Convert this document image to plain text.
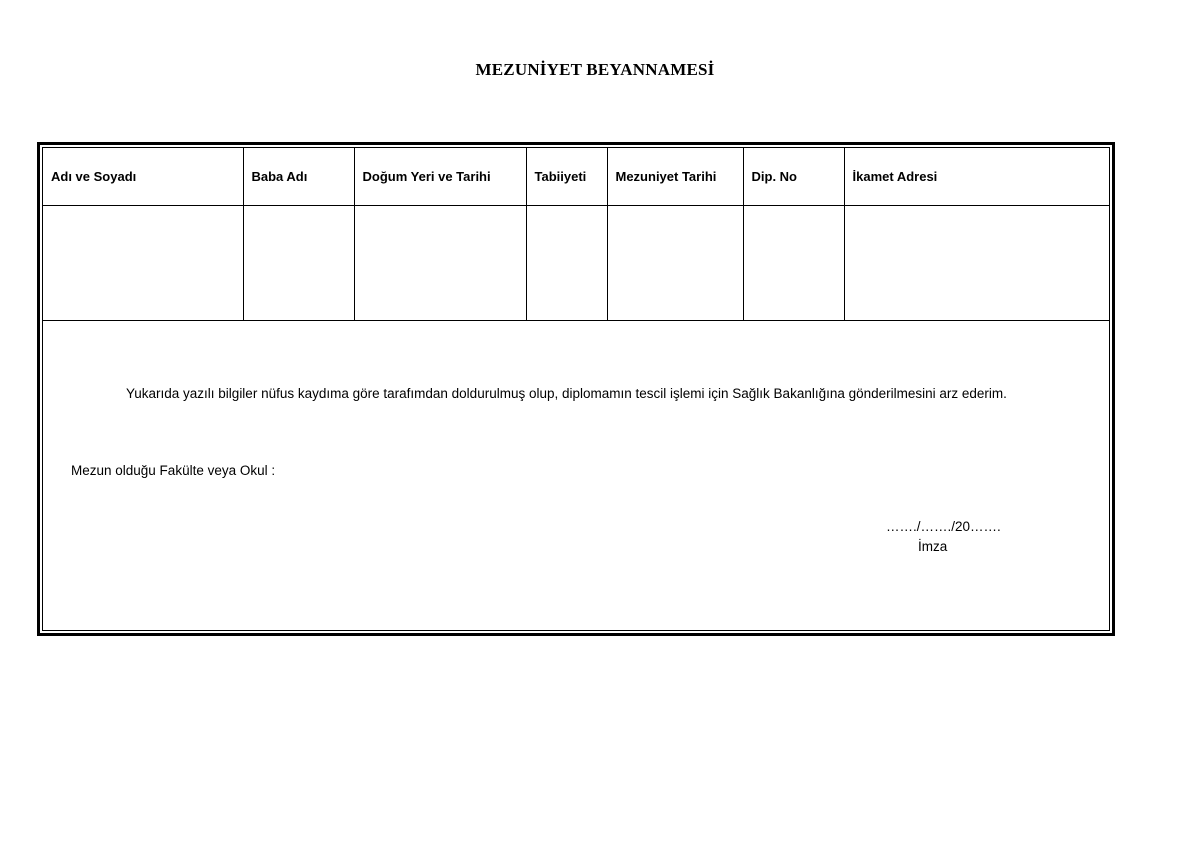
MEZUNİYET BEYANNAMESİ
Adı ve Soyadı	Baba Adı	Doğum Yeri ve Tarihi	Tabiiyeti	Mezuniyet Tarihi	Dip. No	İkamet Adresi

Yukarıda yazılı bilgiler nüfus kaydıma göre tarafımdan doldurulmuş olup, diplomamın tescil işlemi için Sağlık Bakanlığına gönderilmesini arz ederim.
Mezun olduğu Fakülte veya Okul :
……./……./20…….
İmza
